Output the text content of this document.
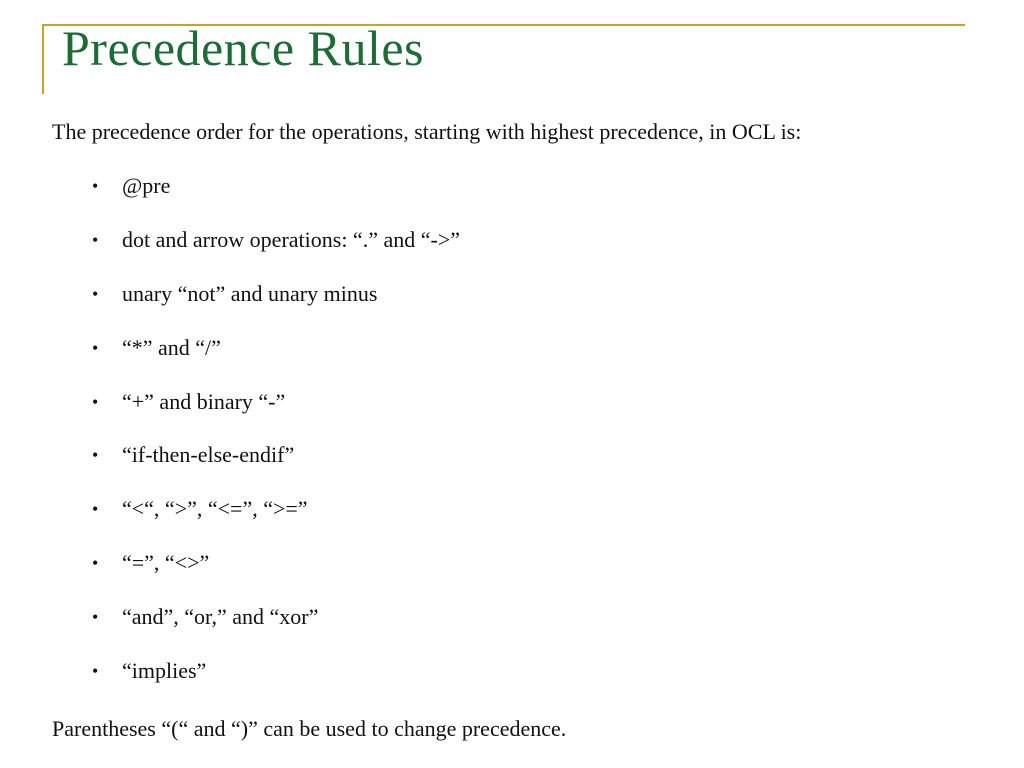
Precedence Rules
The precedence order for the operations, starting with highest precedence, in OCL is:
•	@pre
•	dot and arrow operations: “.” and “->”
•	unary “not” and unary minus
•	“*” and “/”
•	“+” and binary “-”
•	“if-then-else-endif”
•	“<“, “>”, “<=”, “>=”
•	“=”, “<>”
•	“and”, “or,” and “xor”
•	“implies”
Parentheses “(“ and “)” can be used to change precedence.
